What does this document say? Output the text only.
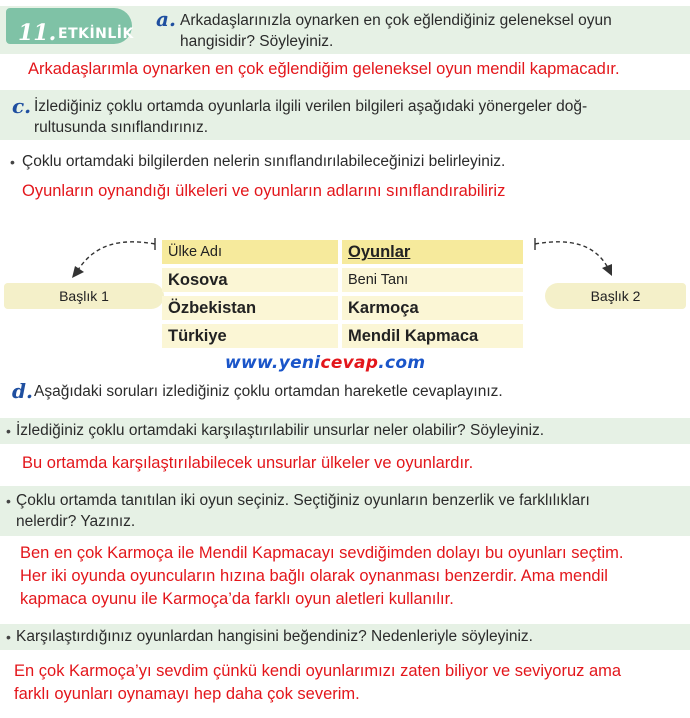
11. ETKİNLİK
a. Arkadaşlarınızla oynarken en çok eğlendiğiniz geleneksel oyun
hangisidir? Söyleyiniz.
Arkadaşlarımla oynarken en çok eğlendiğim geleneksel oyun mendil kapmacadır.
c. İzlediğiniz çoklu ortamda oyunlarla ilgili verilen bilgileri aşağıdaki yönergeler doğ-
rultusunda sınıflandırınız.
• Çoklu ortamdaki bilgilerden nelerin sınıflandırılabileceğinizi belirleyiniz.
Oyunların oynandığı ülkeleri ve oyunların adlarını sınıflandırabiliriz
Başlık 1	Başlık 2
Ülke Adı	Oyunlar
Kosova	Beni Tanı
Özbekistan	Karmoça
Türkiye	Mendil Kapmaca
www.yenicevap.com
d. Aşağıdaki soruları izlediğiniz çoklu ortamdan hareketle cevaplayınız.
• İzlediğiniz çoklu ortamdaki karşılaştırılabilir unsurlar neler olabilir? Söyleyiniz.
Bu ortamda karşılaştırılabilecek unsurlar ülkeler ve oyunlardır.
• Çoklu ortamda tanıtılan iki oyun seçiniz. Seçtiğiniz oyunların benzerlik ve farklılıkları
nelerdir? Yazınız.
Ben en çok Karmoça ile Mendil Kapmacayı sevdiğimden dolayı bu oyunları seçtim.
Her iki oyunda oyuncuların hızına bağlı olarak oynanması benzerdir. Ama mendil
kapmaca oyunu ile Karmoça’da farklı oyun aletleri kullanılır.
• Karşılaştırdığınız oyunlardan hangisini beğendiniz? Nedenleriyle söyleyiniz.
En çok Karmoça’yı sevdim çünkü kendi oyunlarımızı zaten biliyor ve seviyoruz ama
farklı oyunları oynamayı hep daha çok severim.
